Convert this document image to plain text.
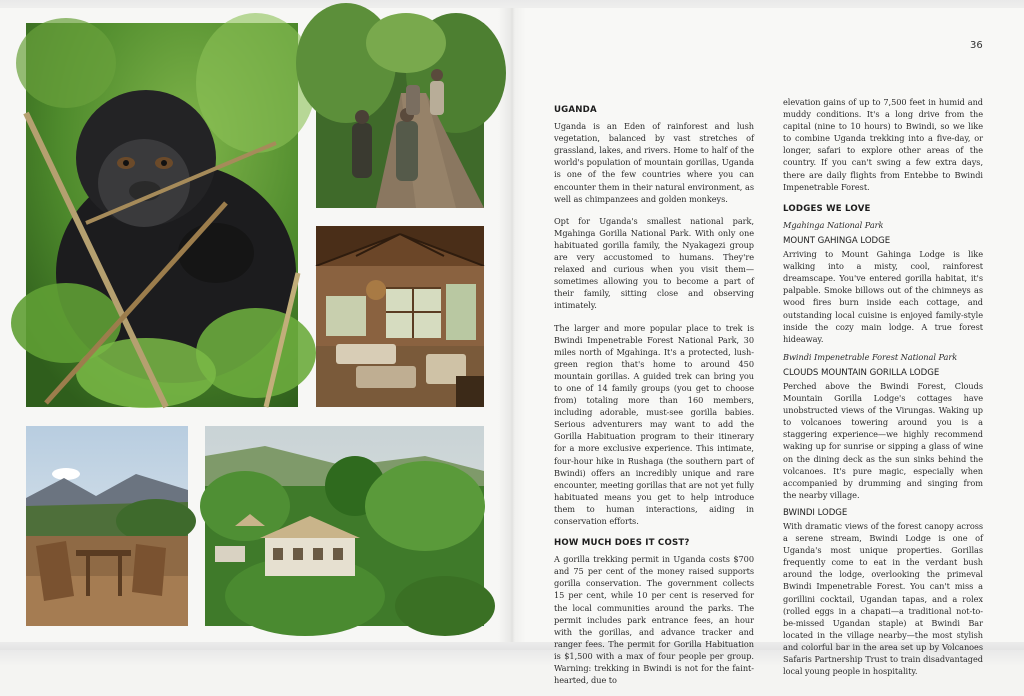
36
UGANDA

Uganda is an Eden of rainforest and lush vegetation, balanced by vast stretches of grassland, lakes, and rivers. Home to half of the world's population of mountain gorillas, Uganda is one of the few countries where you can encounter them in their natural environment, as well as chimpanzees and golden monkeys.

Opt for Uganda's smallest national park, Mgahinga Gorilla National Park. With only one habituated gorilla family, the Nyakagezi group are very accustomed to humans. They're relaxed and curious when you visit them—sometimes allowing you to become a part of their family, sitting close and observing intimately.

The larger and more popular place to trek is Bwindi Impenetrable Forest National Park, 30 miles north of Mgahinga. It's a protected, lush-green region that's home to around 450 mountain gorillas. A guided trek can bring you to one of 14 family groups (you get to choose from) totaling more than 160 members, including adorable, must-see gorilla babies. Serious adventurers may want to add the Gorilla Habituation program to their itinerary for a more exclusive experience. This intimate, four-hour hike in Rushaga (the southern part of Bwindi) offers an incredibly unique and rare encounter, meeting gorillas that are not yet fully habituated means you get to help introduce them to human interactions, aiding in conservation efforts.

HOW MUCH DOES IT COST?

A gorilla trekking permit in Uganda costs $700 and 75 per cent of the money raised supports gorilla conservation. The government collects 15 per cent, while 10 per cent is reserved for the local communities around the parks. The permit includes park entrance fees, an hour with the gorillas, and advance tracker and ranger fees. The permit for Gorilla Habituation is $1,500 with a max of four people per group. Warning: trekking in Bwindi is not for the faint-hearted, due to

elevation gains of up to 7,500 feet in humid and muddy conditions. It's a long drive from the capital (nine to 10 hours) to Bwindi, so we like to combine Uganda trekking into a five-day, or longer, safari to explore other areas of the country. If you can't swing a few extra days, there are daily flights from Entebbe to Bwindi Impenetrable Forest.

LODGES WE LOVE
Mgahinga National Park
MOUNT GAHINGA LODGE

Arriving to Mount Gahinga Lodge is like walking into a misty, cool, rainforest dreamscape. You've entered gorilla habitat, it's palpable. Smoke billows out of the chimneys as wood fires burn inside each cottage, and outstanding local cuisine is enjoyed family-style inside the cozy main lodge. A true forest hideaway.

Bwindi Impenetrable Forest National Park
CLOUDS MOUNTAIN GORILLA LODGE

Perched above the Bwindi Forest, Clouds Mountain Gorilla Lodge's cottages have unobstructed views of the Virungas. Waking up to volcanoes towering around you is a staggering experience—we highly recommend waking up for sunrise or sipping a glass of wine on the dining deck as the sun sinks behind the volcanoes. It's pure magic, especially when accompanied by drumming and singing from the nearby village.

BWINDI LODGE

With dramatic views of the forest canopy across a serene stream, Bwindi Lodge is one of Uganda's most unique properties. Gorillas frequently come to eat in the verdant bush around the lodge, overlooking the primeval Bwindi Impenetrable Forest. You can't miss a gorillini cocktail, Ugandan tapas, and a rolex (rolled eggs in a chapati—a traditional not-to-be-missed Ugandan staple) at Bwindi Bar located in the village nearby—the most stylish and colorful bar in the area set up by Volcanoes Safaris Partnership Trust to train disadvantaged local young people in hospitality.
